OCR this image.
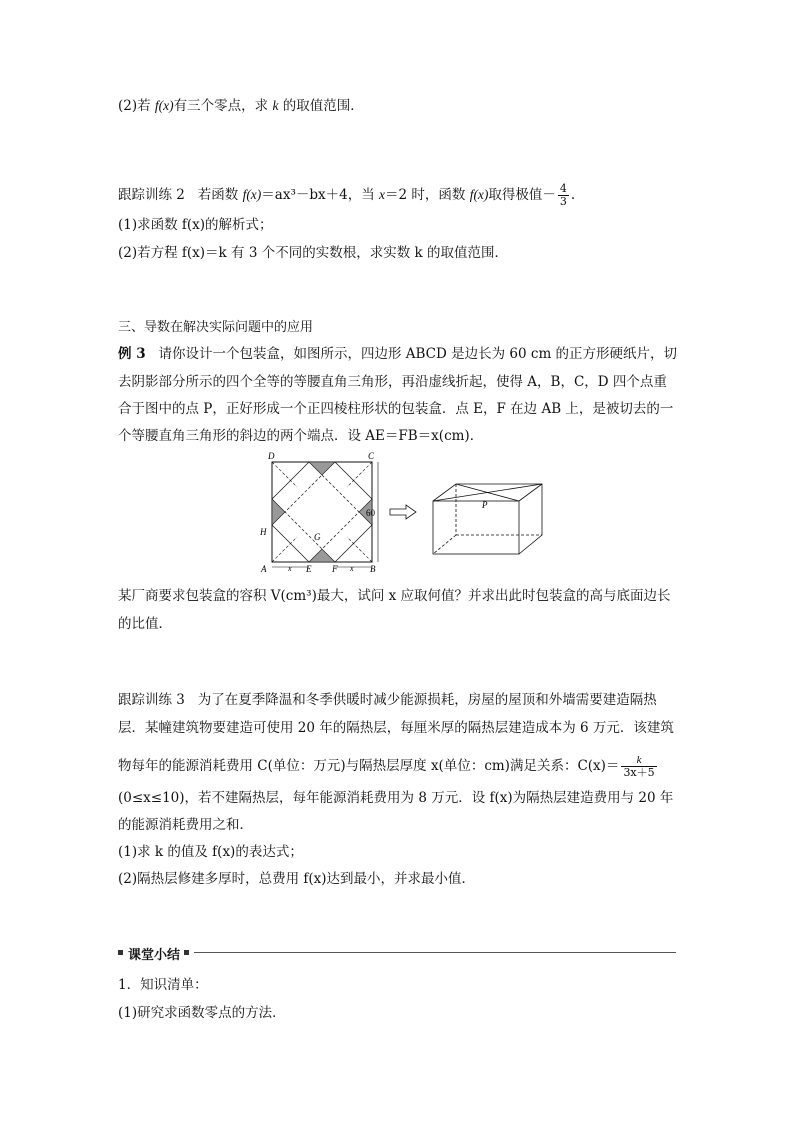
(2)若 f(x)有三个零点，求 k 的取值范围．
跟踪训练 2 若函数 f(x)＝ax³－bx＋4，当 x＝2 时，函数 f(x)取得极值－ $\frac{4}{3}$ .
(1)求函数 f(x)的解析式；
(2)若方程 f(x)＝k 有 3 个不同的实数根，求实数 k 的取值范围．
三、导数在解决实际问题中的应用
例 3 请你设计一个包装盒，如图所示，四边形 ABCD 是边长为 60 cm 的正方形硬纸片，切
去阴影部分所示的四个全等的等腰直角三角形，再沿虚线折起，使得 A，B，C，D 四个点重
合于图中的点 P，正好形成一个正四棱柱形状的包装盒．点 E，F 在边 AB 上，是被切去的一
个等腰直角三角形的斜边的两个端点．设 AE＝FB＝x(cm)．
D	C
A	B
E F
H	G
60
x	x
P
某厂商要求包装盒的容积 V(cm³)最大，试问 x 应取何值？并求出此时包装盒的高与底面边长
的比值．
跟踪训练 3 为了在夏季降温和冬季供暖时减少能源损耗，房屋的屋顶和外墙需要建造隔热
层．某幢建筑物要建造可使用 20 年的隔热层，每厘米厚的隔热层建造成本为 6 万元．该建筑
物每年的能源消耗费用 C(单位：万元)与隔热层厚度 x(单位：cm)满足关系：$C(x)= \frac{k}{3x+5}$
(0≤x≤10)，若不建隔热层，每年能源消耗费用为 8 万元．设 f(x)为隔热层建造费用与 20 年
的能源消耗费用之和．
(1)求 k 的值及 f(x)的表达式；
(2)隔热层修建多厚时，总费用 f(x)达到最小，并求最小值．
课堂小结
1．知识清单：
(1)研究求函数零点的方法．
